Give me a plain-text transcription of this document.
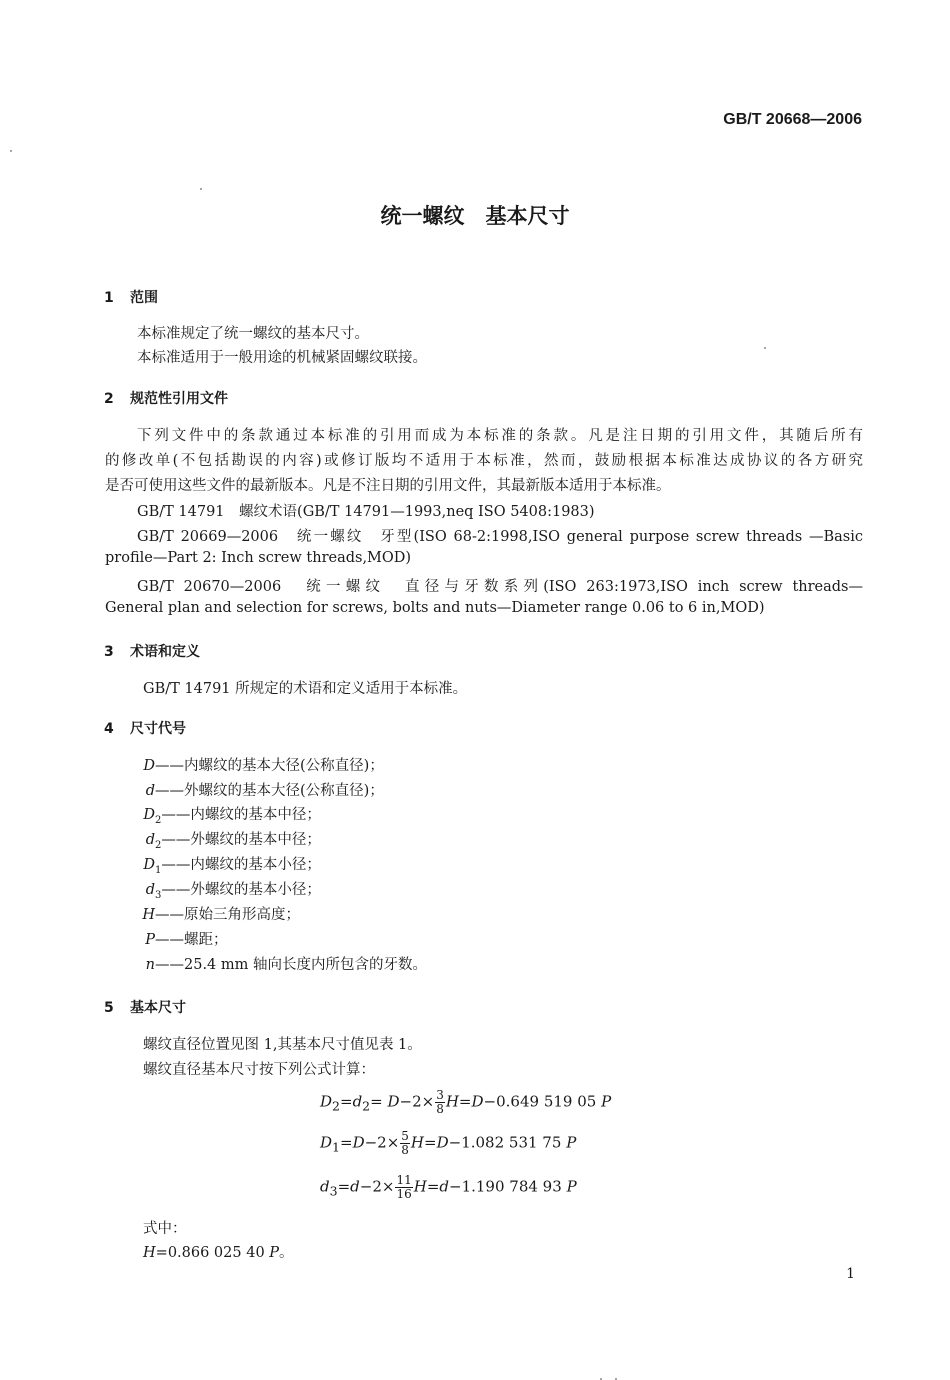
GB/T 20668—2006
统一螺纹　基本尺寸
1 范围
本标准规定了统一螺纹的基本尺寸。
本标准适用于一般用途的机械紧固螺纹联接。
2 规范性引用文件
下列文件中的条款通过本标准的引用而成为本标准的条款。凡是注日期的引用文件，其随后所有
的修改单(不包括勘误的内容)或修订版均不适用于本标准，然而，鼓励根据本标准达成协议的各方研究
是否可使用这些文件的最新版本。凡是不注日期的引用文件，其最新版本适用于本标准。
GB/T 14791　螺纹术语(GB/T 14791—1993,neq ISO 5408:1983)
GB/T 20669—2006　统一螺纹　牙型(ISO 68-2:1998,ISO general purpose screw threads —Basic
profile—Part 2: Inch screw threads,MOD)
GB/T 20670—2006　统一螺纹　直径与牙数系列(ISO 263:1973,ISO inch screw threads—
General plan and selection for screws, bolts and nuts—Diameter range 0.06 to 6 in,MOD)
3 术语和定义
GB/T 14791 所规定的术语和定义适用于本标准。
4 尺寸代号
D——内螺纹的基本大径(公称直径)；
d——外螺纹的基本大径(公称直径)；
$D_2——$内螺纹的基本中径；
$d_2——$外螺纹的基本中径；
$D_1——$内螺纹的基本小径；
$d_3——$外螺纹的基本小径；
H——原始三角形高度；
P——螺距；
n——25.4 mm 轴向长度内所包含的牙数。
5 基本尺寸
螺纹直径位置见图 1,其基本尺寸值见表 1。
螺纹直径基本尺寸按下列公式计算：
$D_2=d_2= D-2\times \frac{3}{8} H=D-0.649$ 519 05 P
$D_1=D-2\times \frac{5}{8} H=D-1.082$ 531 75 P
$d_3=d-2\times \frac{11}{16} H=d-1.190$ 784 93 P
式中：
H=0.866 025 40 P。
1
